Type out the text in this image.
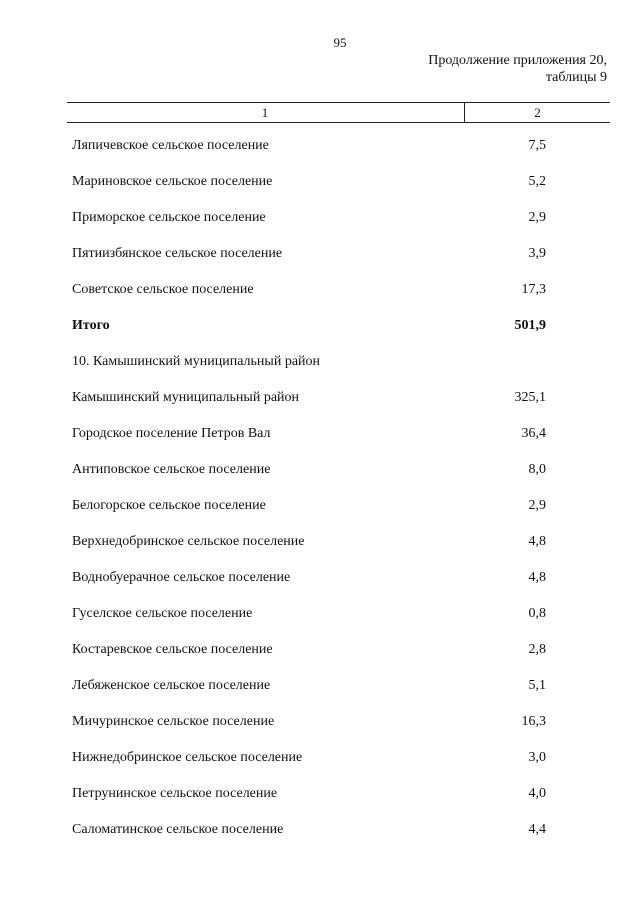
95
Продолжение приложения 20,
таблицы 9
1	2
Ляпичевское сельское поселение	7,5
Мариновское сельское поселение	5,2
Приморское сельское поселение	2,9
Пятиизбянское сельское поселение	3,9
Советское сельское поселение	17,3
Итого	501,9
10. Камышинский муниципальный район
Камышинский муниципальный район	325,1
Городское поселение Петров Вал	36,4
Антиповское сельское поселение	8,0
Белогорское сельское поселение	2,9
Верхнедобринское сельское поселение	4,8
Воднобуерачное сельское поселение	4,8
Гуселское сельское поселение	0,8
Костаревское сельское поселение	2,8
Лебяженское сельское поселение	5,1
Мичуринское сельское поселение	16,3
Нижнедобринское сельское поселение	3,0
Петрунинское сельское поселение	4,0
Саломатинское сельское поселение	4,4
